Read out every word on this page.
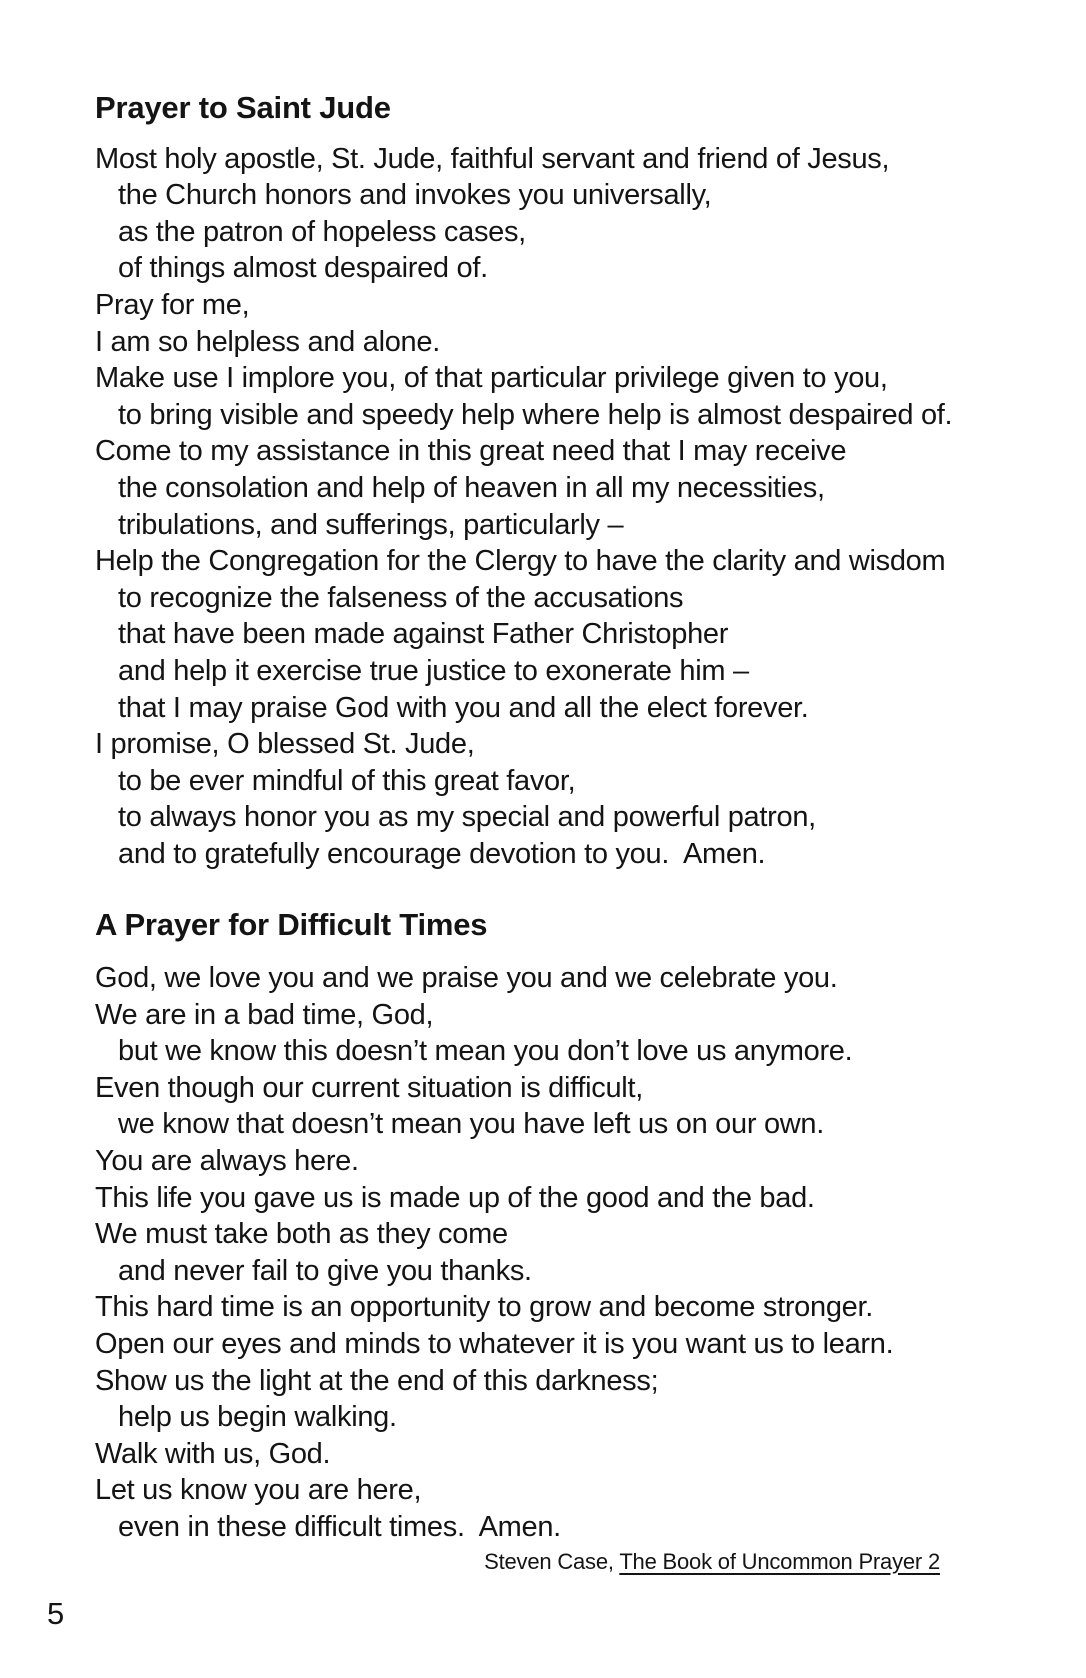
Prayer to Saint Jude
Most holy apostle, St. Jude, faithful servant and friend of Jesus,
the Church honors and invokes you universally,
as the patron of hopeless cases,
of things almost despaired of.
Pray for me,
I am so helpless and alone.
Make use I implore you, of that particular privilege given to you,
to bring visible and speedy help where help is almost despaired of.
Come to my assistance in this great need that I may receive
the consolation and help of heaven in all my necessities,
tribulations, and sufferings, particularly –
Help the Congregation for the Clergy to have the clarity and wisdom
to recognize the falseness of the accusations
that have been made against Father Christopher
and help it exercise true justice to exonerate him –
that I may praise God with you and all the elect forever.
I promise, O blessed St. Jude,
to be ever mindful of this great favor,
to always honor you as my special and powerful patron,
and to gratefully encourage devotion to you.  Amen.
A Prayer for Difficult Times
God, we love you and we praise you and we celebrate you.
We are in a bad time, God,
but we know this doesn’t mean you don’t love us anymore.
Even though our current situation is difficult,
we know that doesn’t mean you have left us on our own.
You are always here.
This life you gave us is made up of the good and the bad.
We must take both as they come
and never fail to give you thanks.
This hard time is an opportunity to grow and become stronger.
Open our eyes and minds to whatever it is you want us to learn.
Show us the light at the end of this darkness;
help us begin walking.
Walk with us, God.
Let us know you are here,
even in these difficult times.  Amen.
Steven Case, The Book of Uncommon Prayer 2
5
